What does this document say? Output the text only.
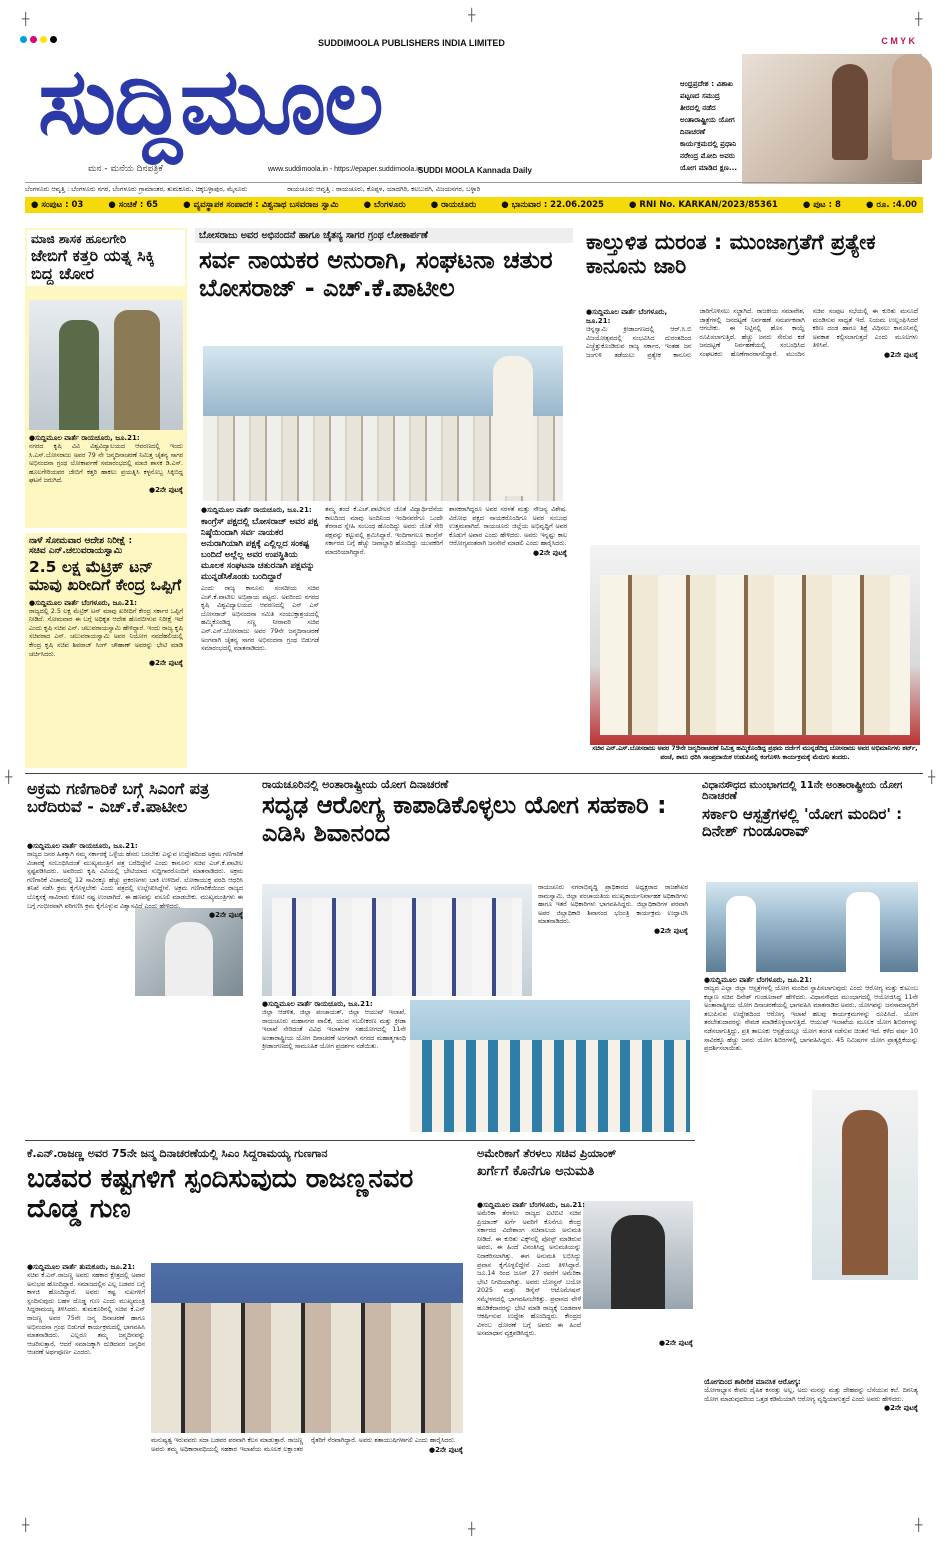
┼	┼	┼
┼	┼
┼	┼	┼
C M Y K
SUDDIMOOLA PUBLISHERS INDIA LIMITED
ಸುದ್ದಿಮೂಲ
ಮನ - ಮನೆಯ ದಿನಪತ್ರಿಕೆ	www.suddimoola.in - https://epaper.suddimoola.in
SUDDI MOOLA Kannada Daily
ಆಂಧ್ರಪ್ರದೇಶ : ವಿಶಾಖ ಪಟ್ಟಣದ ಸಮುದ್ರ ತೀರದಲ್ಲಿ ನಡೆದ ಅಂತಾರಾಷ್ಟ್ರೀಯ ಯೋಗ ದಿನಾಚರಣೆ ಕಾರ್ಯಕ್ರಮದಲ್ಲಿ ಪ್ರಧಾನಿ ನರೇಂದ್ರ ಮೋದಿ ಅವರು ಯೋಗ ಮಾಡಿದ ಕ್ಷಣ...
ಬೆಂಗಳೂರು ಆವೃತ್ತಿ : ಬೆಂಗಳೂರು ನಗರ, ಬೆಂಗಳೂರು ಗ್ರಾಮಾಂತರ, ತುಮಕೂರು, ಚಿಕ್ಕಬಳ್ಳಾಪುರ, ಮೈಸೂರು	ರಾಯಚೂರು ಆವೃತ್ತಿ : ರಾಯಚೂರು, ಕೊಪ್ಪಳ, ಯಾದಗಿರಿ, ಕಲಬುರಗಿ, ವಿಜಯನಗರ, ಬಳ್ಳಾರಿ
● ಸಂಪುಟ : 03	● ಸಂಚಿಕೆ : 65	● ವ್ಯವಸ್ಥಾಪಕ ಸಂಪಾದಕ : ವಿಶ್ವನಾಥ ಬಸವರಾಜ ಸ್ವಾಮಿ	● ಬೆಂಗಳೂರು	● ರಾಯಚೂರು	● ಭಾನುವಾರ : 22.06.2025	● RNI No. KARKAN/2023/85361	● ಪುಟ : 8	● ರೂ. :4.00
ಮಾಜಿ ಶಾಸಕ ಹೂಲಗೇರಿ
ಜೇಬಿಗೆ ಕತ್ತರಿ ಯತ್ನ ಸಿಕ್ಕಿ ಬಿದ್ದ ಚೋರ
●ಸುದ್ದಿಮೂಲ ವಾರ್ತೆ ರಾಯಚೂರು, ಜೂ.21:
ನಗರದ ಕೃಷಿ ವಿವಿ ವಿಶ್ವವಿದ್ಯಾಲಯದ ಆವರಣದಲ್ಲಿ ಇಂದು ಸಿ.ಎಸ್.ಬೋಸರಾಜು ಅವರ 79 ನೇ ಜನ್ಮದಿನಾಚರಣೆ ನಿಮಿತ್ತ ಚೈತನ್ಯ ಸಾಗರ ಅಭಿನಂದನಾ ಗ್ರಂಥ ಲೋಕಾರ್ಪಣೆ ಸಮಾರಂಭದಲ್ಲಿ ಮಾಜಿ ಶಾಸಕ ಡಿ.ಎಸ್. ಹೂಲಗೇರಿಯವರ ಜೇಬಿಗೆ ಕತ್ತರಿ ಹಾಕಲು ಪ್ರಯತ್ನಿಸಿ ಕಳ್ಳನೊಬ್ಬ ಸಿಕ್ಕಿಬಿದ್ದ ಘಟನೆ ಜರುಗಿದೆ.
●2ನೇ ಪುಟಕ್ಕೆ
ನಾಳೆ ಸೋಮವಾರ ಆದೇಶ ನಿರೀಕ್ಷೆ :
ಸಚಿವ ಎನ್.ಚಲುವರಾಯಸ್ವಾಮಿ
2.5 ಲಕ್ಷ ಮೆಟ್ರಿಕ್ ಟನ್ ಮಾವು ಖರೀದಿಗೆ ಕೇಂದ್ರ ಒಪ್ಪಿಗೆ
●ಸುದ್ದಿಮೂಲ ವಾರ್ತೆ ಬೆಂಗಳೂರು, ಜೂ.21:
ರಾಜ್ಯದಲ್ಲಿ 2.5 ಲಕ್ಷ ಮೆಟ್ರಿಕ್ ಟನ್ ಮಾವು ಖರೀದಿಗೆ ಕೇಂದ್ರ ಸರ್ಕಾರ ಒಪ್ಪಿಗೆ ನೀಡಿದೆ. ಸೋಮವಾರ ಈ ಬಗ್ಗೆ ಅಧಿಕೃತ ಆದೇಶ ಹೊರಬೀಳುವ ನಿರೀಕ್ಷೆ ಇದೆ ಎಂದು ಕೃಷಿ ಸಚಿವ ಎನ್. ಚಲುವರಾಯಸ್ವಾಮಿ ಹೇಳಿದ್ದಾರೆ. ಇಂದು ರಾಜ್ಯ ಕೃಷಿ ಸಚಿವರಾದ ಎನ್. ಚಲುವರಾಯಸ್ವಾಮಿ ಅವರ ನಿಯೋಗ ನವದೆಹಲಿಯಲ್ಲಿ ಕೇಂದ್ರ ಕೃಷಿ ಸಚಿವ ಶಿವರಾಜ್ ಸಿಂಗ್ ಚೌಹಾಣ್ ಅವರನ್ನು ಭೇಟಿ ಮಾಡಿ ಚರ್ಚಿಸಿದರು.
●2ನೇ ಪುಟಕ್ಕೆ
ಬೋಸರಾಜು ಅವರ ಅಭಿನಂದನೆ ಹಾಗೂ ಚೈತನ್ಯ ಸಾಗರ ಗ್ರಂಥ ಲೋಕಾರ್ಪಣೆ
ಸರ್ವ ನಾಯಕರ ಅನುರಾಗಿ, ಸಂಘಟನಾ ಚತುರ ಬೋಸರಾಜ್ - ಎಚ್.ಕೆ.ಪಾಟೀಲ
●ಸುದ್ದಿಮೂಲ ವಾರ್ತೆ ರಾಯಚೂರು, ಜೂ.21:
ಕಾಂಗ್ರೆಸ್ ಪಕ್ಷದಲ್ಲಿ ಬೋಸರಾಜ್ ಅವರ ಪಕ್ಷ ನಿಷ್ಠೆಯಿಂದಾಗಿ ಸರ್ವ ನಾಯಕರ ಅನುರಾಗಿಯಾಗಿ ಪಕ್ಷಕ್ಕೆ ಎಲ್ಲಿಲ್ಲದ ಸಂಕಷ್ಟ ಬಂದಿದೆ ಅಲ್ಲೆಲ್ಲ ಅವರ ಉಪಸ್ಥಿತಿಯ ಮೂಲಕ ಸಂಘಟನಾ ಚತುರನಾಗಿ ಪಕ್ಷವನ್ನು ಮುನ್ನಡೆಸಿಕೊಂಡು ಬಂದಿದ್ದಾರೆ
ಎಂದು ರಾಜ್ಯ ಕಾನೂನು ಸಂಸದೀಯ ಸಚಿವ ಎಚ್.ಕೆ.ಪಾಟೀಲ ಅಭಿಪ್ರಾಯ ಪಟ್ಟರು. ಅವರಿಂದು ನಗರದ ಕೃಷಿ ವಿಶ್ವವಿದ್ಯಾಲಯದ ಆವರಣದಲ್ಲಿ ಎನ್ ಎಸ್ ಬೋಸರಾಜ್ ಅಭಿನಂದನಾ ಸಮಿತಿ ಸಂಯುಕ್ತಾಶ್ರಯದಲ್ಲಿ ಹಮ್ಮಿಕೊಂಡಿದ್ದ ಸಣ್ಣ ನೀರಾವರಿ ಸಚಿವ ಎನ್.ಎಸ್.ಬೋಸರಾಜು ಅವರ 79ನೇ ಜನ್ಮದಿನಾಚರಣೆ ಅಂಗವಾಗಿ ಚೈತನ್ಯ ಸಾಗರ ಅಭಿನಂದನಾ ಗ್ರಂಥ ಬಿಡುಗಡೆ ಸಮಾರಂಭದಲ್ಲಿ ಮಾತನಾಡಿದರು.
ತಮ್ಮ ತಂದೆ ಕೆ.ಎಚ್.ಪಾಟೀಲರ ಜೊತೆ ವಿದ್ಯಾರ್ಥಿದೆಸೆಯ ಕಾಲದಿಂದ ಮಾವು ಅಂದಿನಿಂದ ಇಂದಿನವರೆಗೂ ಒಂದೇ ತೆರನಾದ ಸ್ನೇಹಿ ಸಂಬಂಧ ಹೊಂದಿದ್ದು ಅವರು ಜೊತೆ ಸೇರಿ ಪಕ್ಷವನ್ನು ಕಟ್ಟುವಲ್ಲಿ ಶ್ರಮಿಸಿದ್ದಾರೆ. ಇಂದಿಗಾಗಲೂ ಕಾಂಗ್ರೆಸ್ ಸರ್ಕಾರದ ಬಗ್ಗೆ ಹೆಚ್ಚು ಜವಾಬ್ದಾರಿ ಹೊಂದಿದ್ದು ಯುವಕರಿಗೆ ಮಾದರಿಯಾಗಿದ್ದಾರೆ.
ಶಾಸಕರಾಗಿದ್ದರೂ ಅವರ ಸರಳತೆ ಮತ್ತು ಸೌಜನ್ಯ ವಿಶೇಷ. ವಿರೋಧ ಪಕ್ಷದ ನಾಯಕರೊಂದಿಗೂ ಅವರ ಸಂಬಂಧ ಉತ್ತಮವಾಗಿದೆ. ರಾಯಚೂರು ಜಿಲ್ಲೆಯ ಅಭಿವೃದ್ಧಿಗೆ ಅವರ ಕೊಡುಗೆ ಅಪಾರ ಎಂದು ಹೇಳಿದರು. ಅವರು ಇನ್ನಷ್ಟು ಕಾಲ ಆರೋಗ್ಯವಂತರಾಗಿ ಜನಸೇವೆ ಮಾಡಲಿ ಎಂದು ಹಾರೈಸಿದರು.
●2ನೇ ಪುಟಕ್ಕೆ
ಕಾಲ್ತುಳಿತ ದುರಂತ : ಮುಂಜಾಗ್ರತೆಗೆ ಪ್ರತ್ಯೇಕ ಕಾನೂನು ಜಾರಿ
●ಸುದ್ದಿಮೂಲ ವಾರ್ತೆ ಬೆಂಗಳೂರು, ಜೂ.21:
ಚಿನ್ನಸ್ವಾಮಿ ಕ್ರೀಡಾಂಗಣದಲ್ಲಿ ಆರ್.ಸಿ.ಬಿ ವಿಜಯೋತ್ಸವದಲ್ಲಿ ಸಂಭವಿಸಿದ ದುರಂತದಿಂದ ಎಚ್ಚೆತ್ತುಕೊಂಡಿರುವ ರಾಜ್ಯ ಸರ್ಕಾರ, ಇಂತಹ ಜನ ಜಂಗುಳಿ ತಡೆಯಲು ಪ್ರತ್ಯೇಕ ಕಾನೂನು ಜಾರಿಗೊಳಿಸಲು ಸಜ್ಜಾಗಿದೆ. ರಾಜಕೀಯ ಸಮಾವೇಶ, ಜಾತ್ರೆಗಳಲ್ಲಿ ಜನದಟ್ಟಣೆ ನಿರ್ವಹಣೆ ಸಮರ್ಪಕವಾಗಿ ಆಗಬೇಕು. ಈ ನಿಟ್ಟಿನಲ್ಲಿ ಹೊಸ ಕಾಯ್ದೆ ರೂಪಿಸಲಾಗುತ್ತಿದೆ. ಹೆಚ್ಚು ಜನರು ಸೇರುವ ಕಡೆ ಜನದಟ್ಟಣೆ ನಿರ್ವಹಣೆಯಲ್ಲಿ ಸಂಬಂಧಿಸಿದ ಸಂಘಟಕರು ಹೊಣೆಗಾರರಾಗಲಿದ್ದಾರೆ. ಮುಂದಿನ ಸಚಿವ ಸಂಪುಟ ಸಭೆಯಲ್ಲಿ ಈ ಕುರಿತು ಮಸೂದೆ ಮಂಡಿಸುವ ಸಾಧ್ಯತೆ ಇದೆ. ನಿಯಮ ಉಲ್ಲಂಘಿಸಿದರೆ ಕಠಿಣ ದಂಡ ಹಾಗೂ ಶಿಕ್ಷೆ ವಿಧಿಸಲು ಕಾನೂನಿನಲ್ಲಿ ಅವಕಾಶ ಕಲ್ಪಿಸಲಾಗುತ್ತದೆ ಎಂದು ಮೂಲಗಳು ತಿಳಿಸಿವೆ.
●2ನೇ ಪುಟಕ್ಕೆ
ಸಚಿವ ಎನ್.ಎಸ್.ಬೋಸರಾಜು ಅವರ 79ನೇ ಜನ್ಮದಿನಾಚರಣೆ ನಿಮಿತ್ತ ಹಮ್ಮಿಕೊಂಡಿದ್ದ ಪ್ರಥಮ ದರ್ಜೆಗೆ ಮುನ್ನಡೆದಿದ್ದ ಬೋಸರಾಜು ಅವರ ಅಭಿಮಾನಿಗಳು ಶರ್ಟ್, ಪಂಚೆ, ಶಾಲು ಧರಿಸಿ ಸಾಂಪ್ರದಾಯಿಕ ಉಡುಪಿನಲ್ಲಿ ಕಂಗೊಳಿಸಿ ಕಾರ್ಯಕ್ರಮಕ್ಕೆ ಮೆರುಗು ತಂದರು.
ಅಕ್ರಮ ಗಣಿಗಾರಿಕೆ ಬಗ್ಗೆ ಸಿಎಂಗೆ ಪತ್ರ ಬರೆದಿರುವೆ - ಎಚ್.ಕೆ.ಪಾಟೀಲ
●ಸುದ್ದಿಮೂಲ ವಾರ್ತೆ ರಾಯಚೂರು, ಜೂ.21:
ರಾಜ್ಯದ ಜನರ ಹಿತಕ್ಕಾಗಿ ನಮ್ಮ ಸರ್ಕಾರಕ್ಕೆ ಒಳ್ಳೆಯ ಹೆಸರು ಬರಬೇಕು ಎನ್ನುವ ಉದ್ದೇಶದಿಂದ ಅಕ್ರಮ ಗಣಿಗಾರಿಕೆ ವಿಚಾರಕ್ಕೆ ಸಂಬಂಧಿಸಿದಂತೆ ಮುಖ್ಯಮಂತ್ರಿಗೆ ಪತ್ರ ಬರೆದಿದ್ದೇನೆ ಎಂದು ಕಾನೂನು ಸಚಿವ ಎಚ್.ಕೆ.ಪಾಟೀಲ ಸ್ಪಷ್ಟಪಡಿಸಿದರು. ಅವರಿಂದು ಕೃಷಿ ವಿವಿಯಲ್ಲಿ ಭೇಟಿಯಾದ ಸುದ್ದಿಗಾರರೊಂದಿಗೆ ಮಾತನಾಡಿದರು. ಅಕ್ರಮ ಗಣಿಗಾರಿಕೆ ವಿಚಾರದಲ್ಲಿ 12 ಸಾವಿರಕ್ಕೂ ಹೆಚ್ಚು ಪ್ರಕರಣಗಳು ಬಾಕಿ ಉಳಿದಿವೆ. ಲೋಕಾಯುಕ್ತ ವರದಿ ಆಧರಿಸಿ ತನಿಖೆ ನಡೆಸಿ ಕ್ರಮ ಕೈಗೊಳ್ಳಬೇಕು ಎಂದು ಪತ್ರದಲ್ಲಿ ಉಲ್ಲೇಖಿಸಿದ್ದೇನೆ. ಅಕ್ರಮ ಗಣಿಗಾರಿಕೆಯಿಂದ ರಾಜ್ಯದ ಬೊಕ್ಕಸಕ್ಕೆ ಸಾವಿರಾರು ಕೋಟಿ ನಷ್ಟ ಉಂಟಾಗಿದೆ. ಈ ಹಣವನ್ನು ವಸೂಲಿ ಮಾಡಬೇಕು. ಮುಖ್ಯಮಂತ್ರಿಗಳು ಈ ಬಗ್ಗೆ ಗಂಭೀರವಾಗಿ ಪರಿಗಣಿಸಿ ಕ್ರಮ ಕೈಗೊಳ್ಳುವ ವಿಶ್ವಾಸವಿದೆ ಎಂದು ಹೇಳಿದರು.
●2ನೇ ಪುಟಕ್ಕೆ
ರಾಯಚೂರಿನಲ್ಲಿ ಅಂತಾರಾಷ್ಟ್ರೀಯ ಯೋಗ ದಿನಾಚರಣೆ
ಸದೃಢ ಆರೋಗ್ಯ ಕಾಪಾಡಿಕೊಳ್ಳಲು ಯೋಗ ಸಹಕಾರಿ : ಎಡಿಸಿ ಶಿವಾನಂದ
ರಾಯಚೂರು ನಗರಾಭಿವೃದ್ಧಿ ಪ್ರಾಧಿಕಾರದ ಅಧ್ಯಕ್ಷರಾದ ರಾಜಶೇಖರ ರಾಮಸ್ವಾಮಿ, ಜಿಲ್ಲಾ ಪಂಚಾಯತಿಯ ಮುಖ್ಯಕಾರ್ಯನಿರ್ವಾಹಕ ಅಧಿಕಾರಿಗಳು ಹಾಗೂ ಇತರೆ ಅಧಿಕಾರಿಗಳು ಭಾಗವಹಿಸಿದ್ದರು. ಜಿಲ್ಲಾಧಿಕಾರಿಗಳ ಪರವಾಗಿ ಅಪರ ಜಿಲ್ಲಾಧಿಕಾರಿ ಶಿವಾನಂದ ಭಜಂತ್ರಿ ಕಾರ್ಯಕ್ರಮ ಉದ್ಘಾಟಿಸಿ ಮಾತನಾಡಿದರು.
●2ನೇ ಪುಟಕ್ಕೆ
●ಸುದ್ದಿಮೂಲ ವಾರ್ತೆ ರಾಯಚೂರು, ಜೂ.21:
ಜಿಲ್ಲಾ ಆಡಳಿತ, ಜಿಲ್ಲಾ ಪಂಚಾಯತ್, ಜಿಲ್ಲಾ ಆಯುಷ್ ಇಲಾಖೆ, ರಾಯಚೂರು ಮಹಾನಗರ ಪಾಲಿಕೆ, ಯುವ ಸಬಲೀಕರಣ ಮತ್ತು ಕ್ರೀಡಾ ಇಲಾಖೆ ಸೇರಿದಂತೆ ವಿವಿಧ ಇಲಾಖೆಗಳ ಸಹಯೋಗದಲ್ಲಿ 11ನೇ ಅಂತಾರಾಷ್ಟ್ರೀಯ ಯೋಗ ದಿನಾಚರಣೆ ಅಂಗವಾಗಿ ನಗರದ ಮಹಾತ್ಮಗಾಂಧಿ ಕ್ರೀಡಾಂಗಣದಲ್ಲಿ ಸಾಮೂಹಿಕ ಯೋಗ ಪ್ರದರ್ಶನ ನಡೆಯಿತು.
ವಿಧಾನಸೌಧದ ಮುಂಭಾಗದಲ್ಲಿ 11ನೇ ಅಂತಾರಾಷ್ಟ್ರೀಯ ಯೋಗ ದಿನಾಚರಣೆ
ಸರ್ಕಾರಿ ಆಸ್ಪತ್ರೆಗಳಲ್ಲಿ 'ಯೋಗ ಮಂದಿರ' : ದಿನೇಶ್ ಗುಂಡೂರಾವ್
●ಸುದ್ದಿಮೂಲ ವಾರ್ತೆ ಬೆಂಗಳೂರು, ಜೂ.21:
ರಾಜ್ಯದ ಎಲ್ಲಾ ಜಿಲ್ಲಾ ಆಸ್ಪತ್ರೆಗಳಲ್ಲಿ ಯೋಗ ಮಂದಿರ ಸ್ಥಾಪಿಸಲಾಗುವುದು ಎಂದು ಆರೋಗ್ಯ ಮತ್ತು ಕುಟುಂಬ ಕಲ್ಯಾಣ ಸಚಿವ ದಿನೇಶ್ ಗುಂಡೂರಾವ್ ಹೇಳಿದರು. ವಿಧಾನಸೌಧದ ಮುಂಭಾಗದಲ್ಲಿ ಆಯೋಜಿಸಿದ್ದ 11ನೇ ಅಂತಾರಾಷ್ಟ್ರೀಯ ಯೋಗ ದಿನಾಚರಣೆಯಲ್ಲಿ ಭಾಗವಹಿಸಿ ಮಾತನಾಡಿದ ಅವರು, ಯೋಗವನ್ನು ಜನಸಾಮಾನ್ಯರಿಗೆ ತಲುಪಿಸುವ ಉದ್ದೇಶದಿಂದ ಆರೋಗ್ಯ ಇಲಾಖೆ ಹಲವು ಕಾರ್ಯಕ್ರಮಗಳನ್ನು ರೂಪಿಸಿದೆ. ಯೋಗ ತರಬೇತುದಾರರನ್ನು ನೇಮಕ ಮಾಡಿಕೊಳ್ಳಲಾಗುತ್ತಿದೆ. ಆಯುಷ್ ಇಲಾಖೆಯ ಮೂಲಕ ಯೋಗ ಶಿಬಿರಗಳನ್ನು ನಡೆಸಲಾಗುತ್ತಿದ್ದು, ಪ್ರತಿ ತಾಲೂಕು ಆಸ್ಪತ್ರೆಯಲ್ಲೂ ಯೋಗ ತರಗತಿ ನಡೆಸುವ ಚಿಂತನೆ ಇದೆ. ಕಳೆದ ವರ್ಷ 10 ಸಾವಿರಕ್ಕೂ ಹೆಚ್ಚು ಜನರು ಯೋಗ ಶಿಬಿರಗಳಲ್ಲಿ ಭಾಗವಹಿಸಿದ್ದರು. 45 ನಿಮಿಷಗಳ ಯೋಗ ಪ್ರಾತ್ಯಕ್ಷಿಕೆಯನ್ನು ಪ್ರದರ್ಶಿಸಲಾಯಿತು.
ಯೋಗದಿಂದ ಶಾರೀರಿಕ ಮಾನಸಿಕ ಆರೋಗ್ಯ:
ಯೋಗಾಭ್ಯಾಸ ಕೇವಲ ದೈಹಿಕ ಕಸರತ್ತು ಅಲ್ಲ, ಅದು ಮನಸ್ಸು ಮತ್ತು ದೇಹವನ್ನು ಬೆಸೆಯುವ ಕಲೆ. ದಿನನಿತ್ಯ ಯೋಗ ಮಾಡುವುದರಿಂದ ಒತ್ತಡ ಕಡಿಮೆಯಾಗಿ ಆರೋಗ್ಯ ವೃದ್ಧಿಯಾಗುತ್ತದೆ ಎಂದು ಅವರು ಹೇಳಿದರು.
●2ನೇ ಪುಟಕ್ಕೆ
ಕೆ.ಎನ್.ರಾಜಣ್ಣ ಅವರ 75ನೇ ಜನ್ಮ ದಿನಾಚರಣೆಯಲ್ಲಿ ಸಿಎಂ ಸಿದ್ದರಾಮಯ್ಯ ಗುಣಗಾನ
ಬಡವರ ಕಷ್ಟಗಳಿಗೆ ಸ್ಪಂದಿಸುವುದು ರಾಜಣ್ಣನವರ ದೊಡ್ಡ ಗುಣ
●ಸುದ್ದಿಮೂಲ ವಾರ್ತೆ ತುಮಕೂರು, ಜೂ.21:
ಸಚಿವ ಕೆ.ಎನ್.ರಾಜಣ್ಣ ಅವರು ಸಹಕಾರ ಕ್ಷೇತ್ರದಲ್ಲಿ ಅಪಾರ ಅನುಭವ ಹೊಂದಿದ್ದಾರೆ. ಸಮಾಜದಲ್ಲಿನ ಎಲ್ಲ ಬಡವರ ಬಗ್ಗೆ ಕಾಳಜಿ ಹೊಂದಿದ್ದಾರೆ. ಅವರು ಕಷ್ಟ ಸುಖಗಳಿಗೆ ಸ್ಪಂದಿಸುವುದು ಬಹಳ ದೊಡ್ಡ ಗುಣ ಎಂದು ಮುಖ್ಯಮಂತ್ರಿ ಸಿದ್ದರಾಮಯ್ಯ ತಿಳಿಸಿದರು. ತುಮಕೂರಿನಲ್ಲಿ ಸಚಿವ ಕೆ.ಎನ್ ರಾಜಣ್ಣ ಅವರ 75ನೇ ಜನ್ಮ ದಿನಾಚರಣೆ ಹಾಗೂ ಅಭಿನಂದನಾ ಗ್ರಂಥ ಬಿಡುಗಡೆ ಕಾರ್ಯಕ್ರಮದಲ್ಲಿ ಭಾಗವಹಿಸಿ ಮಾತನಾಡಿದರು. ಎಲ್ಲರೂ ತಮ್ಮ ಜನ್ಮದಿನವನ್ನು ಆಚರಿಸುತ್ತಾರೆ, ಆದರೆ ಸಮಾಜಕ್ಕಾಗಿ ದುಡಿದವರ ಜನ್ಮದಿನ ಆಚರಣೆ ಅರ್ಥಪೂರ್ಣ ಎಂದರು.
ಮನುಷ್ಯತ್ವ ಇರುವವರು ಸದಾ ಬಡವರ ಪರವಾಗಿ ಕೆಲಸ ಮಾಡುತ್ತಾರೆ. ರಾಜಣ್ಣ ಅವರು ತಮ್ಮ ಅಧಿಕಾರಾವಧಿಯಲ್ಲಿ ಸಹಕಾರ ಇಲಾಖೆಯ ಮೂಲಕ ಲಕ್ಷಾಂತರ ರೈತರಿಗೆ ನೆರವಾಗಿದ್ದಾರೆ. ಅವರು ಶತಾಯುಷಿಗಳಾಗಲಿ ಎಂದು ಹಾರೈಸಿದರು.
●2ನೇ ಪುಟಕ್ಕೆ
ಅಮೇರಿಕಾಗೆ ತೆರಳಲು ಸಚಿವ ಪ್ರಿಯಾಂಕ್
ಖರ್ಗೆಗೆ ಕೊನೆಗೂ ಅನುಮತಿ
●ಸುದ್ದಿಮೂಲ ವಾರ್ತೆ ಬೆಂಗಳೂರು, ಜೂ.21:
ಅಮೆರಿಕಾ ತೆರಳಲು ರಾಜ್ಯದ ಐಟಿಬಿಟಿ ಸಚಿವ ಪ್ರಿಯಾಂಕ್ ಖರ್ಗೆ ಅವರಿಗೆ ಕೊನೆಗೂ ಕೇಂದ್ರ ಸರ್ಕಾರದ ವಿದೇಶಾಂಗ ಸಚಿವಾಲಯ ಅನುಮತಿ ನೀಡಿದೆ. ಈ ಕುರಿತು ಎಕ್ಸ್‌ನಲ್ಲಿ ಪೋಸ್ಟ್ ಮಾಡಿರುವ ಅವರು, ಈ ಹಿಂದೆ ವಿನಂತಿಸಿದ್ದ ಅನುಮತಿಯನ್ನು ನಿರಾಕರಿಸಲಾಗಿತ್ತು. ಈಗ ಅನುಮತಿ ಲಭಿಸಿದ್ದು ಪ್ರವಾಸ ಕೈಗೊಳ್ಳಲಿದ್ದೇನೆ ಎಂದು ತಿಳಿಸಿದ್ದಾರೆ. ಜೂ.14 ರಿಂದ ಜೂನ್ 27 ರವರೆಗೆ ಅಮೆರಿಕಾ ಭೇಟಿ ನಿಗದಿಯಾಗಿತ್ತು. ಅವರು ಬೋಸ್ಟನ್ ಬಯೋ 2025 ಮತ್ತು ಡಿಸೈನ್ ಆಟೊಮೇಷನ್ ಸಮ್ಮೇಳನದಲ್ಲಿ ಭಾಗವಹಿಸಬೇಕಿತ್ತು. ಪ್ರವಾಸದ ವೇಳೆ ಹೂಡಿಕೆದಾರರನ್ನು ಭೇಟಿ ಮಾಡಿ ರಾಜ್ಯಕ್ಕೆ ಬಂಡವಾಳ ಆಕರ್ಷಿಸುವ ಉದ್ದೇಶ ಹೊಂದಿದ್ದರು. ಕೇಂದ್ರದ ವಿಳಂಬ ಧೋರಣೆ ಬಗ್ಗೆ ಅವರು ಈ ಹಿಂದೆ ಅಸಮಾಧಾನ ವ್ಯಕ್ತಪಡಿಸಿದ್ದರು.
●2ನೇ ಪುಟಕ್ಕೆ
